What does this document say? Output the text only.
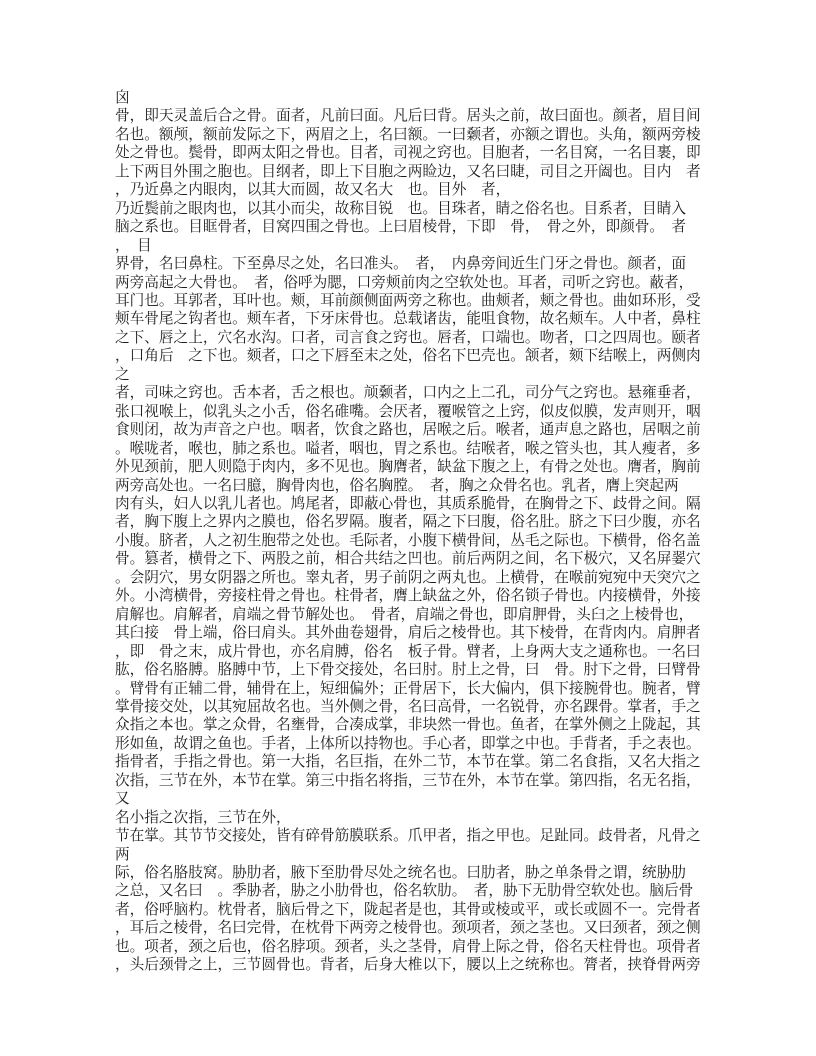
囟
骨，即天灵盖后合之骨。面者，凡前曰面。凡后曰背。居头之前，故曰面也。颜者，眉目间
名也。额颅，额前发际之下，两眉之上，名曰额。一曰颡者，亦额之谓也。头角，额两旁棱
处之骨也。鬓骨，即两太阳之骨也。目者，司视之窍也。目胞者，一名目窝，一名目裹，即
上下两目外围之胞也。目纲者，即上下目胞之两睑边，又名曰睫，司目之开阖也。目内　者
，乃近鼻之内眼肉，以其大而圆，故又名大　也。目外　者，
乃近鬓前之眼肉也，以其小而尖，故称目锐　也。目珠者，睛之俗名也。目系者，目睛入
脑之系也。目眶骨者，目窝四围之骨也。上曰眉棱骨，下即　骨，　骨之外，即颜骨。　者
，　目
界骨，名曰鼻柱。下至鼻尽之处，名曰准头。　者，　内鼻旁间近生门牙之骨也。颜者，面
两旁高起之大骨也。　者，俗呼为腮，口旁颊前肉之空软处也。耳者，司听之窍也。蔽者，
耳门也。耳郭者，耳叶也。颊，耳前颜侧面两旁之称也。曲颊者，颊之骨也。曲如环形，受
颊车骨尾之钩者也。颊车者，下牙床骨也。总载诸齿，能咀食物，故名颊车。人中者，鼻柱
之下、唇之上，穴名水沟。口者，司言食之窍也。唇者，口端也。吻者，口之四周也。颐者
，口角后　之下也。颏者，口之下唇至末之处，俗名下巴壳也。颔者，颏下结喉上，两侧肉
之
者，司味之窍也。舌本者，舌之根也。颃颡者，口内之上二孔，司分气之窍也。悬雍垂者，
张口视喉上，似乳头之小舌，俗名碓嘴。会厌者，覆喉管之上窍，似皮似膜，发声则开，咽
食则闭，故为声音之户也。咽者，饮食之路也，居喉之后。喉者，通声息之路也，居咽之前
。喉咙者，喉也，肺之系也。嗌者，咽也，胃之系也。结喉者，喉之管头也，其人瘦者，多
外见颈前，肥人则隐于肉内，多不见也。胸膺者，缺盆下腹之上，有骨之处也。膺者，胸前
两旁高处也。一名曰臆，胸骨肉也，俗名胸膛。　者，胸之众骨名也。乳者，膺上突起两
肉有头，妇人以乳儿者也。鸠尾者，即蔽心骨也，其质系脆骨，在胸骨之下、歧骨之间。隔
者，胸下腹上之界内之膜也，俗名罗隔。腹者，隔之下曰腹，俗名肚。脐之下曰少腹，亦名
小腹。脐者，人之初生胞带之处也。毛际者，小腹下横骨间，丛毛之际也。下横骨，俗名盖
骨。篡者，横骨之下、两股之前，相合共结之凹也。前后两阴之间，名下极穴，又名屏翣穴
。会阴穴，男女阴器之所也。睾丸者，男子前阴之两丸也。上横骨，在喉前宛宛中天突穴之
外。小湾横骨，旁接柱骨之骨也。柱骨者，膺上缺盆之外，俗名锁子骨也。内接横骨，外接
肩解也。肩解者，肩端之骨节解处也。　骨者，肩端之骨也，即肩胛骨，头臼之上棱骨也，
其臼接　骨上端，俗曰肩头。其外曲卷翅骨，肩后之棱骨也。其下棱骨，在背肉内。肩胛者
，即　骨之末，成片骨也，亦名肩膊，俗名　板子骨。臂者，上身两大支之通称也。一名曰
肱，俗名胳膊。胳膊中节，上下骨交接处，名曰肘。肘上之骨，曰　骨。肘下之骨，曰臂骨
。臂骨有正辅二骨，辅骨在上，短细偏外；正骨居下，长大偏内，俱下接腕骨也。腕者，臂
掌骨接交处，以其宛屈故名也。当外侧之骨，名曰高骨，一名锐骨，亦名踝骨。掌者，手之
众指之本也。掌之众骨，名壅骨，合凑成掌，非块然一骨也。鱼者，在掌外侧之上陇起，其
形如鱼，故谓之鱼也。手者，上体所以持物也。手心者，即掌之中也。手背者，手之表也。
指骨者，手指之骨也。第一大指，名巨指，在外二节，本节在掌。第二名食指，又名大指之
次指，三节在外，本节在掌。第三中指名将指，三节在外，本节在掌。第四指，名无名指，又
名小指之次指，三节在外，
节在掌。其节节交接处，皆有碎骨筋膜联系。爪甲者，指之甲也。足趾同。歧骨者，凡骨之
两
际，俗名胳肢窝。胁肋者，腋下至肋骨尽处之统名也。曰肋者，胁之单条骨之谓，统胁肋
之总，又名曰　。季胁者，胁之小肋骨也，俗名软肋。　者，胁下无肋骨空软处也。脑后骨
者，俗呼脑杓。枕骨者，脑后骨之下，陇起者是也，其骨或棱或平，或长或圆不一。完骨者
，耳后之棱骨，名曰完骨，在枕骨下两旁之棱骨也。颈项者，颈之茎也。又曰颈者，颈之侧
也。项者，颈之后也，俗名脖项。颈者，头之茎骨，肩骨上际之骨，俗名天柱骨也。项骨者
，头后颈骨之上，三节圆骨也。背者，后身大椎以下，腰以上之统称也。膂者，挟脊骨两旁
